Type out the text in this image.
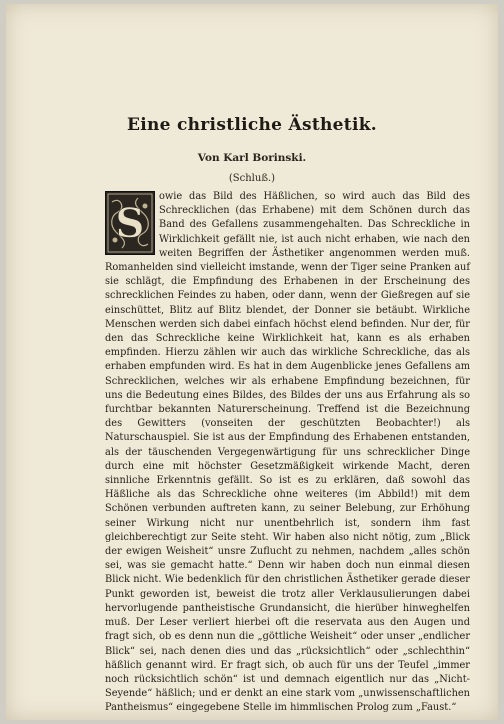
Eine christliche Ästhetik.
Von Karl Borinski.
(Schluß.)
S

owie das Bild des Häßlichen, so wird auch das Bild des Schrecklichen (das Erhabene) mit dem Schönen durch das Band des Gefallens zusammengehalten. Das Schreckliche in Wirklichkeit gefällt nie, ist auch nicht erhaben, wie nach den weiten Begriffen der Ästhetiker angenommen werden muß. Romanhelden sind vielleicht imstande, wenn der Tiger seine Pranken auf sie schlägt, die Empfindung des Erhabenen in der Erscheinung des schrecklichen Feindes zu haben, oder dann, wenn der Gießregen auf sie einschüttet, Blitz auf Blitz blendet, der Donner sie betäubt. Wirkliche Menschen werden sich dabei einfach höchst elend befinden. Nur der, für den das Schreckliche keine Wirklichkeit hat, kann es als erhaben empfinden. Hierzu zählen wir auch das wirkliche Schreckliche, das als erhaben empfunden wird. Es hat in dem Augenblicke jenes Gefallens am Schrecklichen, welches wir als erhabene Empfindung bezeichnen, für uns die Bedeutung eines Bildes, des Bildes der uns aus Erfahrung als so furchtbar bekannten Naturerscheinung. Treffend ist die Bezeichnung des Gewitters (vonseiten der geschützten Beobachter!) als Naturschauspiel. Sie ist aus der Empfindung des Erhabenen entstanden, als der täuschenden Vergegenwärtigung für uns schrecklicher Dinge durch eine mit höchster Gesetzmäßigkeit wirkende Macht, deren sinnliche Erkenntnis gefällt. So ist es zu erklären, daß sowohl das Häßliche als das Schreckliche ohne weiteres (im Abbild!) mit dem Schönen verbunden auftreten kann, zu seiner Belebung, zur Erhöhung seiner Wirkung nicht nur unentbehrlich ist, sondern ihm fast gleichberechtigt zur Seite steht. Wir haben also nicht nötig, zum „Blick der ewigen Weisheit“ unsre Zuflucht zu nehmen, nachdem „alles schön sei, was sie gemacht hatte.“ Denn wir haben doch nun einmal diesen Blick nicht. Wie bedenklich für den christlichen Ästhetiker gerade dieser Punkt geworden ist, beweist die trotz aller Verklausulierungen dabei hervorlugende pantheistische Grundansicht, die hierüber hinweghelfen muß. Der Leser verliert hierbei oft die reservata aus den Augen und fragt sich, ob es denn nun die „göttliche Weisheit“ oder unser „endlicher Blick“ sei, nach denen dies und das „rücksichtlich“ oder „schlechthin“ häßlich genannt wird. Er fragt sich, ob auch für uns der Teufel „immer noch rücksichtlich schön“ ist und demnach eigentlich nur das „Nicht-Seyende“ häßlich; und er denkt an eine stark vom „unwissenschaftlichen Pantheismus“ eingegebene Stelle im himmlischen Prolog zum „Faust.“
